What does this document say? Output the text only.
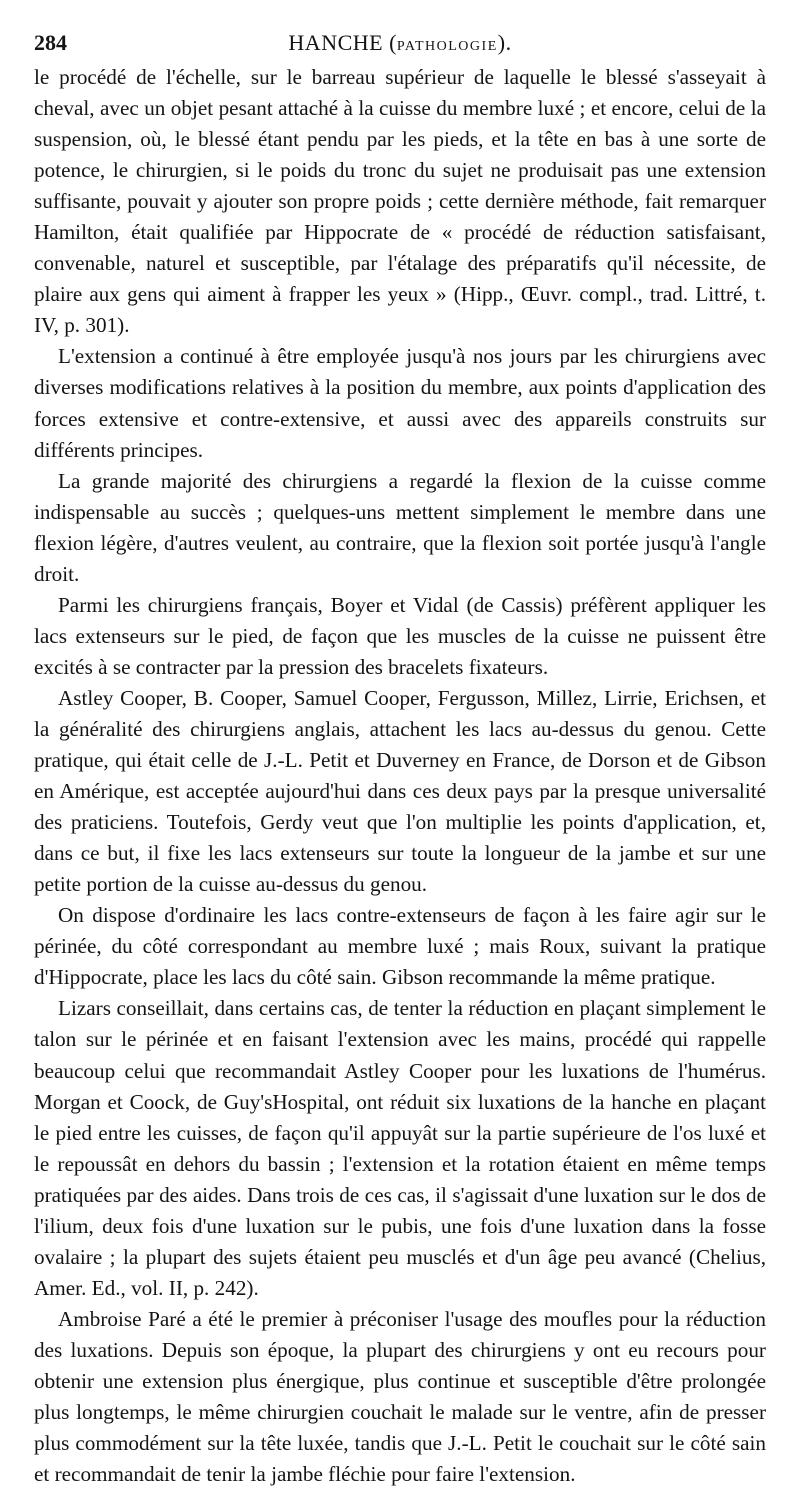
284	HANCHE (PATHOLOGIE).

le procédé de l'échelle, sur le barreau supérieur de laquelle le blessé s'asseyait à cheval, avec un objet pesant attaché à la cuisse du membre luxé ; et encore, celui de la suspension, où, le blessé étant pendu par les pieds, et la tête en bas à une sorte de potence, le chirurgien, si le poids du tronc du sujet ne produisait pas une extension suffisante, pouvait y ajouter son propre poids ; cette dernière méthode, fait remarquer Hamilton, était qualifiée par Hippocrate de « procédé de réduction satisfaisant, convenable, naturel et susceptible, par l'étalage des préparatifs qu'il nécessite, de plaire aux gens qui aiment à frapper les yeux » (Hipp., Œuvr. compl., trad. Littré, t. IV, p. 301).

L'extension a continué à être employée jusqu'à nos jours par les chirurgiens avec diverses modifications relatives à la position du membre, aux points d'application des forces extensive et contre-extensive, et aussi avec des appareils construits sur différents principes.

La grande majorité des chirurgiens a regardé la flexion de la cuisse comme indispensable au succès ; quelques-uns mettent simplement le membre dans une flexion légère, d'autres veulent, au contraire, que la flexion soit portée jusqu'à l'angle droit.

Parmi les chirurgiens français, Boyer et Vidal (de Cassis) préfèrent appliquer les lacs extenseurs sur le pied, de façon que les muscles de la cuisse ne puissent être excités à se contracter par la pression des bracelets fixateurs.

Astley Cooper, B. Cooper, Samuel Cooper, Fergusson, Millez, Lirrie, Erichsen, et la généralité des chirurgiens anglais, attachent les lacs au-dessus du genou. Cette pratique, qui était celle de J.-L. Petit et Duverney en France, de Dorson et de Gibson en Amérique, est acceptée aujourd'hui dans ces deux pays par la presque universalité des praticiens. Toutefois, Gerdy veut que l'on multiplie les points d'application, et, dans ce but, il fixe les lacs extenseurs sur toute la longueur de la jambe et sur une petite portion de la cuisse au-dessus du genou.

On dispose d'ordinaire les lacs contre-extenseurs de façon à les faire agir sur le périnée, du côté correspondant au membre luxé ; mais Roux, suivant la pratique d'Hippocrate, place les lacs du côté sain. Gibson recommande la même pratique.

Lizars conseillait, dans certains cas, de tenter la réduction en plaçant simplement le talon sur le périnée et en faisant l'extension avec les mains, procédé qui rappelle beaucoup celui que recommandait Astley Cooper pour les luxations de l'humérus. Morgan et Coock, de Guy'sHospital, ont réduit six luxations de la hanche en plaçant le pied entre les cuisses, de façon qu'il appuyât sur la partie supérieure de l'os luxé et le repoussât en dehors du bassin ; l'extension et la rotation étaient en même temps pratiquées par des aides. Dans trois de ces cas, il s'agissait d'une luxation sur le dos de l'ilium, deux fois d'une luxation sur le pubis, une fois d'une luxation dans la fosse ovalaire ; la plupart des sujets étaient peu musclés et d'un âge peu avancé (Chelius, Amer. Ed., vol. II, p. 242).

Ambroise Paré a été le premier à préconiser l'usage des moufles pour la réduction des luxations. Depuis son époque, la plupart des chirurgiens y ont eu recours pour obtenir une extension plus énergique, plus continue et susceptible d'être prolongée plus longtemps, le même chirurgien couchait le malade sur le ventre, afin de presser plus commodément sur la tête luxée, tandis que J.-L. Petit le couchait sur le côté sain et recommandait de tenir la jambe fléchie pour faire l'extension.
